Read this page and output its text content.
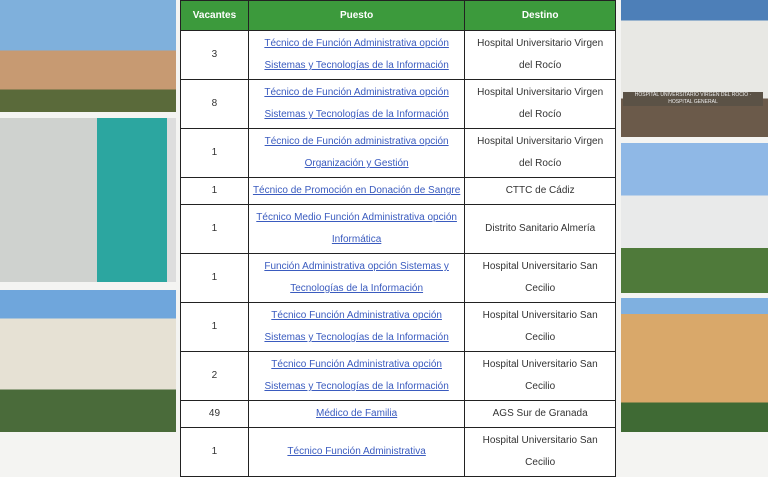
HOSPITAL UNIVERSITARIO VIRGEN DEL ROCIO · HOSPITAL GENERAL
Vacantes	Puesto	Destino
3	Técnico de Función Administrativa opción Sistemas y Tecnologías de la Información	Hospital Universitario Virgen del Rocío
8	Técnico de Función Administrativa opción Sistemas y Tecnologías de la Información	Hospital Universitario Virgen del Rocío
1	Técnico de Función administrativa opción Organización y Gestión	Hospital Universitario Virgen del Rocío
1	Técnico de Promoción en Donación de Sangre	CTTC de Cádiz
1	Técnico Medio Función Administrativa opción Informática	Distrito Sanitario Almería
1	Función Administrativa opción Sistemas y Tecnologías de la Información	Hospital Universitario San Cecilio
1	Técnico Función Administrativa opción Sistemas y Tecnologías de la Información	Hospital Universitario San Cecilio
2	Técnico Función Administrativa opción Sistemas y Tecnologías de la Información	Hospital Universitario San Cecilio
49	Médico de Familia	AGS Sur de Granada
1	Técnico Función Administrativa	Hospital Universitario San Cecilio
